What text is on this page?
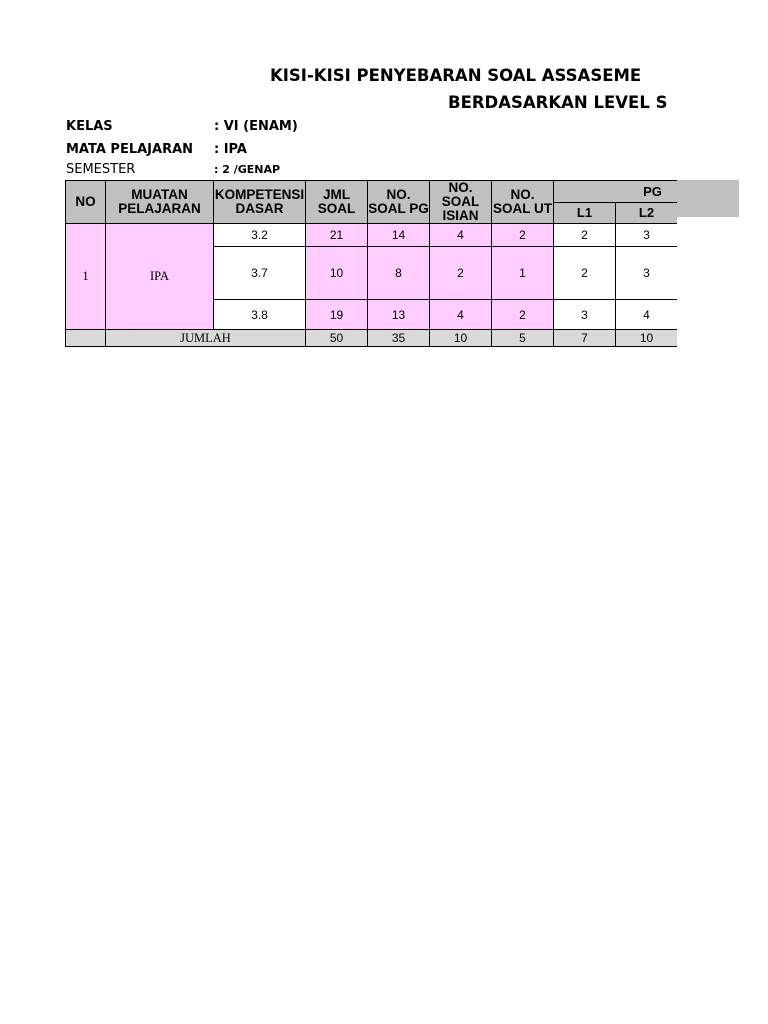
KISI-KISI PENYEBARAN SOAL ASSASEME
BERDASARKAN LEVEL S
KELAS	: VI (ENAM)
MATA PELAJARAN : IPA
SEMESTER	: 2 /GENAP
NO	MUATAN PELAJARAN	KOMPETENSI DASAR	JML SOAL	NO. SOAL PG	NO. SOAL ISIAN	NO. SOAL UT	PG		
							L1	L2	
1	IPA	3.2	21	14	4	2	2	3	
		3.7	10	8	2	1	2	3	
		3.8	19	13	4	2	3	4	
	JUMLAH		50	35	10	5	7	10	
